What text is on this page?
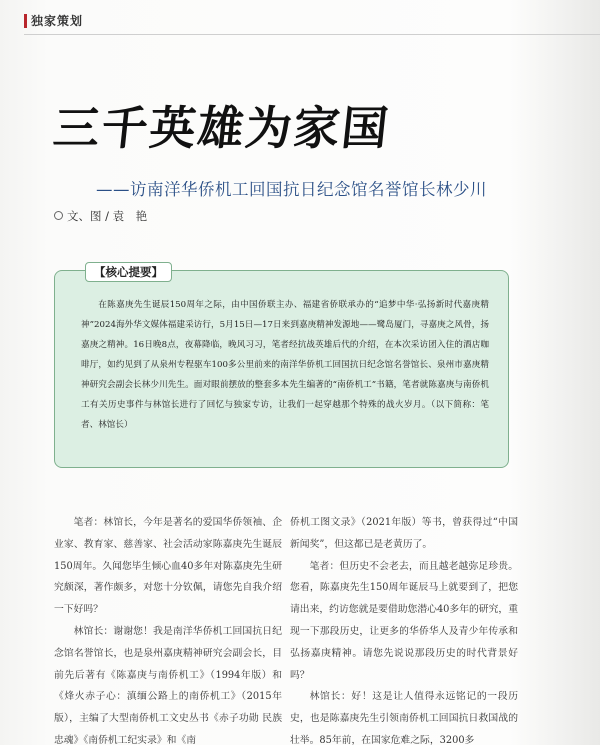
独家策划
三千英雄为家国
——访南洋华侨机工回国抗日纪念馆名誉馆长林少川
文、图 / 袁　艳
【核心提要】
在陈嘉庚先生诞辰150周年之际，由中国侨联主办、福建省侨联承办的“追梦中华·弘扬新时代嘉庚精神”2024海外华文媒体福建采访行，5月15日—17日来到嘉庚精神发源地——鹭岛厦门，寻嘉庚之风骨，扬嘉庚之精神。16日晚8点，夜幕降临，晚风习习，笔者经抗战英雄后代的介绍，在本次采访团入住的酒店咖啡厅，如约见到了从泉州专程驱车100多公里前来的南洋华侨机工回国抗日纪念馆名誉馆长、泉州市嘉庚精神研究会副会长林少川先生。面对眼前摆放的整套多本先生编著的“南侨机工”书籍，笔者就陈嘉庚与南侨机工有关历史事件与林馆长进行了回忆与独家专访，让我们一起穿越那个特殊的战火岁月。（以下简称：笔者、林馆长）

笔者：林馆长，今年是著名的爱国华侨领袖、企业家、教育家、慈善家、社会活动家陈嘉庚先生诞辰150周年。久闻您毕生倾心血40多年对陈嘉庚先生研究颇深，著作颇多，对您十分钦佩，请您先自我介绍一下好吗？

林馆长：谢谢您！我是南洋华侨机工回国抗日纪念馆名誉馆长，也是泉州嘉庚精神研究会副会长，目前先后著有《陈嘉庚与南侨机工》（1994年版）和《烽火赤子心：滇缅公路上的南侨机工》（2015年版），主编了大型南侨机工文史丛书《赤子功勋 民族忠魂》《南侨机工纪实录》和《南

侨机工图文录》（2021年版）等书，曾获得过“中国新闻奖”，但这都已是老黄历了。

笔者：但历史不会老去，而且越老越弥足珍贵。您看，陈嘉庚先生150周年诞辰马上就要到了，把您请出来，约访您就是要借助您潜心40多年的研究，重现一下那段历史，让更多的华侨华人及青少年传承和弘扬嘉庚精神。请您先说说那段历史的时代背景好吗？

林馆长：好！这是让人值得永远铭记的一段历史，也是陈嘉庚先生引领南侨机工回国抗日救国战的壮举。85年前，在国家危难之际，3200多
